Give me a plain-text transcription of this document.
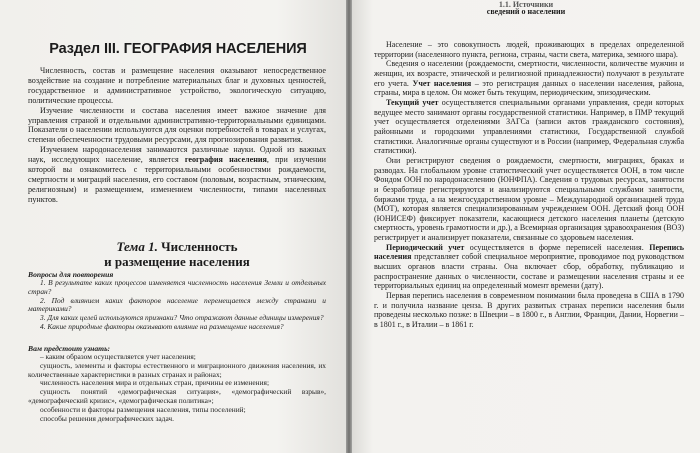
Раздел III. ГЕОГРАФИЯ НАСЕЛЕНИЯ

Численность, состав и размещение населения оказывают непосредственное воздействие на создание и потребление материальных благ и духовных ценностей, государственное и административное устройство, экологическую ситуацию, политические процессы.

Изучение численности и состава населения имеет важное значение для управления страной и отдельными административно-территориальными единицами. Показатели о населении используются для оценки потребностей в товарах и услугах, степени обеспеченности трудовыми ресурсами, для прогнозирования развития.

Изучением народонаселения занимаются различные науки. Одной из важных наук, исследующих население, является география населения, при изучении которой вы ознакомитесь с территориальными особенностями рождаемости, смертности и миграций населения, его составом (половым, возрастным, этническим, религиозным) и размещением, изменением численности, типами населенных пунктов.

Тема 1. Численность
и размещение населения
Вопросы для повторения

1. В результате каких процессов изменяется численность населения Земли и отдельных стран?

2. Под влиянием каких факторов население перемещается между странами и материками?

3. Для каких целей используются признаки? Что отражают данные единицы измерения?

4. Какие природные факторы оказывают влияние на размещение населения?

Вам предстоит узнать:

– каким образом осуществляется учет населения;

сущность, элементы и факторы естественного и миграционного движения населения, их количественные характеристики в разных странах и районах;

численность населения мира и отдельных стран, причины ее изменения;

сущность понятий «демографическая ситуация», «демографический взрыв», «демографический кризис», «демографическая политика»;

особенности и факторы размещения населения, типы поселений;

способы решения демографических задач.

1.1. Источники
сведений о населении

Население – это совокупность людей, проживающих в пределах определенной территории (населенного пункта, региона, страны, части света, материка, земного шара).

Сведения о населении (рождаемости, смертности, численности, количестве мужчин и женщин, их возрасте, этнической и религиозной принадлежности) получают в результате его учета. Учет населения – это регистрация данных о населении населения, района, страны, мира в целом. Он может быть текущим, периодическим, эпизодическим.

Текущий учет осуществляется специальными органами управления, среди которых ведущее место занимают органы государственной статистики. Например, в ПМР текущий учет осуществляется отделениями ЗАГСа (записи актов гражданского состояния), районными и городскими управлениями статистики, Государственной службой статистики. Аналогичные органы существуют и в России (например, Федеральная служба статистики).

Они регистрируют сведения о рождаемости, смертности, миграциях, браках и разводах. На глобальном уровне статистический учет осуществляется ООН, в том числе Фондом ООН по народонаселению (ЮНФПА). Сведения о трудовых ресурсах, занятости и безработице регистрируются и анализируются специальными службами занятости, биржами труда, а на межгосударственном уровне – Международной организацией труда (МОТ), которая является специализированным учреждением ООН. Детский фонд ООН (ЮНИСЕФ) фиксирует показатели, касающиеся детского населения планеты (детскую смертность, уровень грамотности и др.), а Всемирная организация здравоохранения (ВОЗ) регистрирует и анализирует показатели, связанные со здоровьем населения.

Периодический учет осуществляется в форме переписей населения. Перепись населения представляет собой специальное мероприятие, проводимое под руководством высших органов власти страны. Она включает сбор, обработку, публикацию и распространение данных о численности, составе и размещении населения страны и ее территориальных единиц на определенный момент времени (дату).

Первая перепись населения в современном понимании была проведена в США в 1790 г. и получила название ценза. В других развитых странах переписи населения были проведены несколько позже: в Швеции – в 1800 г., в Англии, Франции, Дании, Норвегии – в 1801 г., в Италии – в 1861 г.
